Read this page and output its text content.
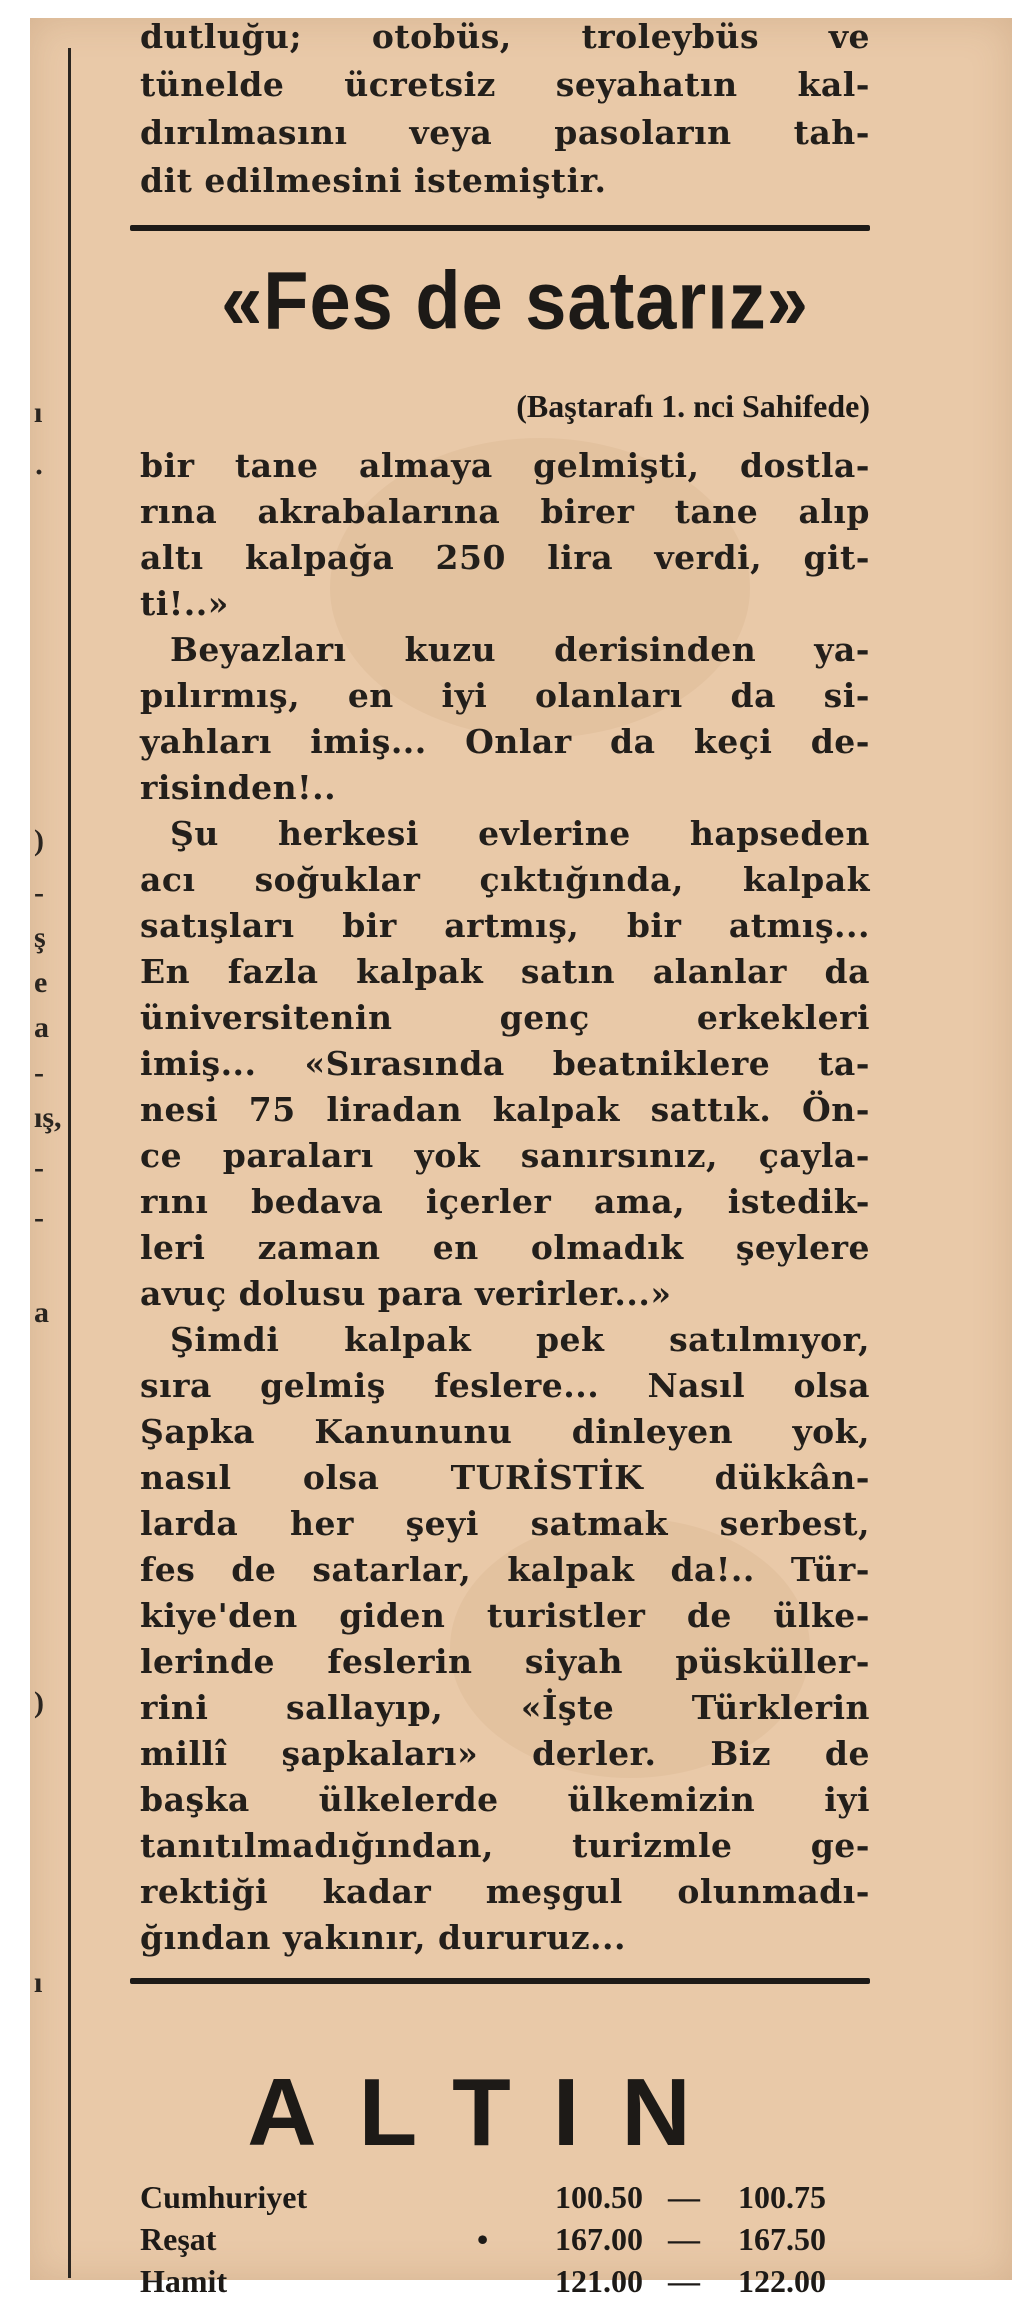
ı
·
)
-
ş
e
a
-
ış,
-
-
a
)
ı
dutluğu; otobüs, troleybüs ve
tünelde ücretsiz seyahatın kal-
dırılmasını veya pasoların tah-
dit edilmesini istemiştir.
«Fes de satarız»
(Baştarafı 1. nci Sahifede)
bir tane almaya gelmişti, dostla-
rına akrabalarına birer tane alıp
altı kalpağa 250 lira verdi, git-
ti!..»
Beyazları kuzu derisinden ya-
pılırmış, en iyi olanları da si-
yahları imiş... Onlar da keçi de-
risinden!..
Şu herkesi evlerine hapseden
acı soğuklar çıktığında, kalpak
satışları bir artmış, bir atmış...
En fazla kalpak satın alanlar da
üniversitenin genç erkekleri
imiş... «Sırasında beatniklere ta-
nesi 75 liradan kalpak sattık. Ön-
ce paraları yok sanırsınız, çayla-
rını bedava içerler ama, istedik-
leri zaman en olmadık şeylere
avuç dolusu para verirler...»
Şimdi kalpak pek satılmıyor,
sıra gelmiş feslere... Nasıl olsa
Şapka Kanununu dinleyen yok,
nasıl olsa TURİSTİK dükkân-
larda her şeyi satmak serbest,
fes de satarlar, kalpak da!.. Tür-
kiye'den giden turistler de ülke-
lerinde feslerin siyah püsküller-
rini sallayıp, «İşte Türklerin
millî şapkaları» derler. Biz de
başka ülkelerde ülkemizin iyi
tanıtılmadığından, turizmle ge-
rektiği kadar meşgul olunmadı-
ğından yakınır, dururuz...
ALTIN
Cumhuriyet	100.50 — 100.75
Reşat	• 167.00 — 167.50
Hamit	121.00 — 122.00
